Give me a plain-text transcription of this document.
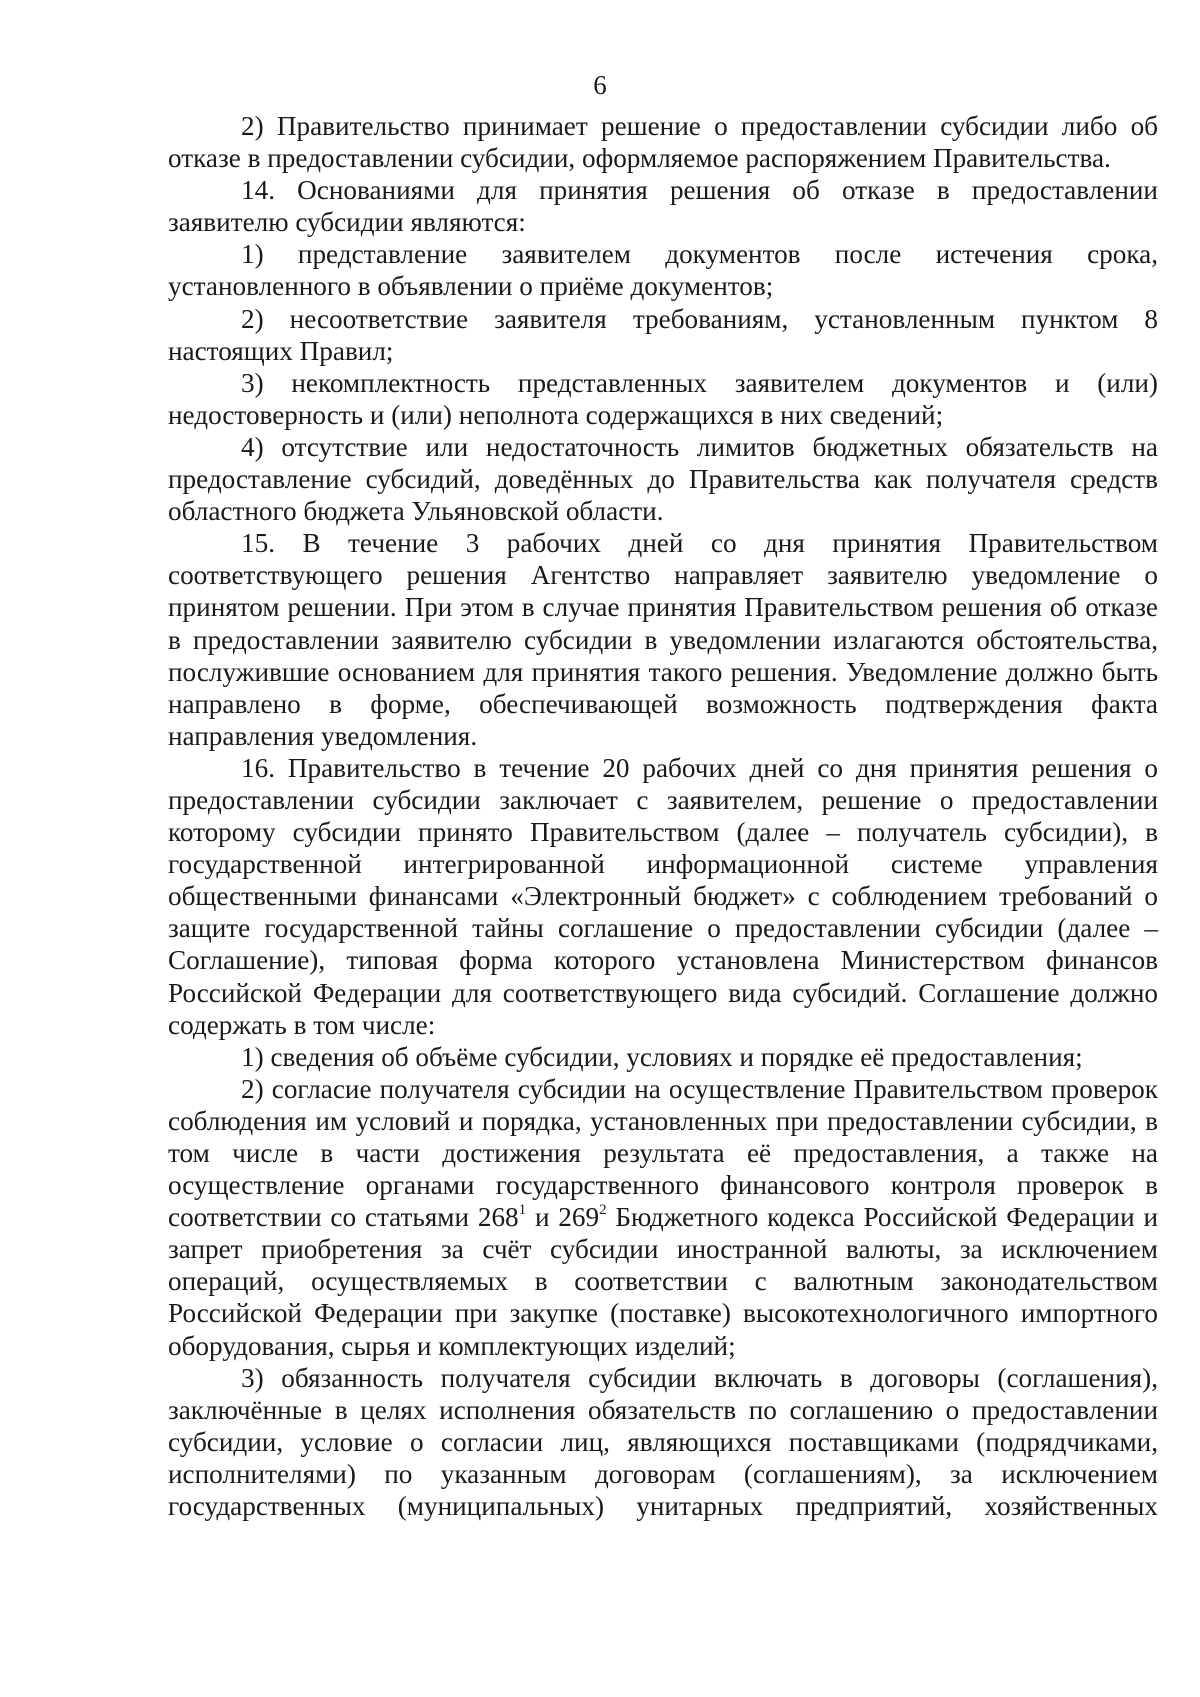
6

2) Правительство принимает решение о предоставлении субсидии либо об отказе в предоставлении субсидии, оформляемое распоряжением Правительства.

14. Основаниями для принятия решения об отказе в предоставлении заявителю субсидии являются:

1) представление заявителем документов после истечения срока, установленного в объявлении о приёме документов;

2) несоответствие заявителя требованиям, установленным пунктом 8 настоящих Правил;

3) некомплектность представленных заявителем документов и (или) недостоверность и (или) неполнота содержащихся в них сведений;

4) отсутствие или недостаточность лимитов бюджетных обязательств на предоставление субсидий, доведённых до Правительства как получателя средств областного бюджета Ульяновской области.

15. В течение 3 рабочих дней со дня принятия Правительством соответствующего решения Агентство направляет заявителю уведомление о принятом решении. При этом в случае принятия Правительством решения об отказе в предоставлении заявителю субсидии в уведомлении излагаются обстоятельства, послужившие основанием для принятия такого решения. Уведомление должно быть направлено в форме, обеспечивающей возможность подтверждения факта направления уведомления.

16. Правительство в течение 20 рабочих дней со дня принятия решения о предоставлении субсидии заключает с заявителем, решение о предоставлении которому субсидии принято Правительством (далее – получатель субсидии), в государственной интегрированной информационной системе управления общественными финансами «Электронный бюджет» с соблюдением требований о защите государственной тайны соглашение о предоставлении субсидии (далее – Соглашение), типовая форма которого установлена Министерством финансов Российской Федерации для соответствующего вида субсидий. Соглашение должно содержать в том числе:

1) сведения об объёме субсидии, условиях и порядке её предоставления;

2) согласие получателя субсидии на осуществление Правительством проверок соблюдения им условий и порядка, установленных при предоставлении субсидии, в том числе в части достижения результата её предоставления, а также на осуществление органами государственного финансового контроля проверок в соответствии со статьями $268^1$ и $269^2$ Бюджетного кодекса Российской Федерации и запрет приобретения за счёт субсидии иностранной валюты, за исключением операций, осуществляемых в соответствии с валютным законодательством Российской Федерации при закупке (поставке) высокотехнологичного импортного оборудования, сырья и комплектующих изделий;

3) обязанность получателя субсидии включать в договоры (соглашения), заключённые в целях исполнения обязательств по соглашению о предоставлении субсидии, условие о согласии лиц, являющихся поставщиками (подрядчиками, исполнителями) по указанным договорам (соглашениям), за исключением государственных (муниципальных) унитарных предприятий, хозяйственных
